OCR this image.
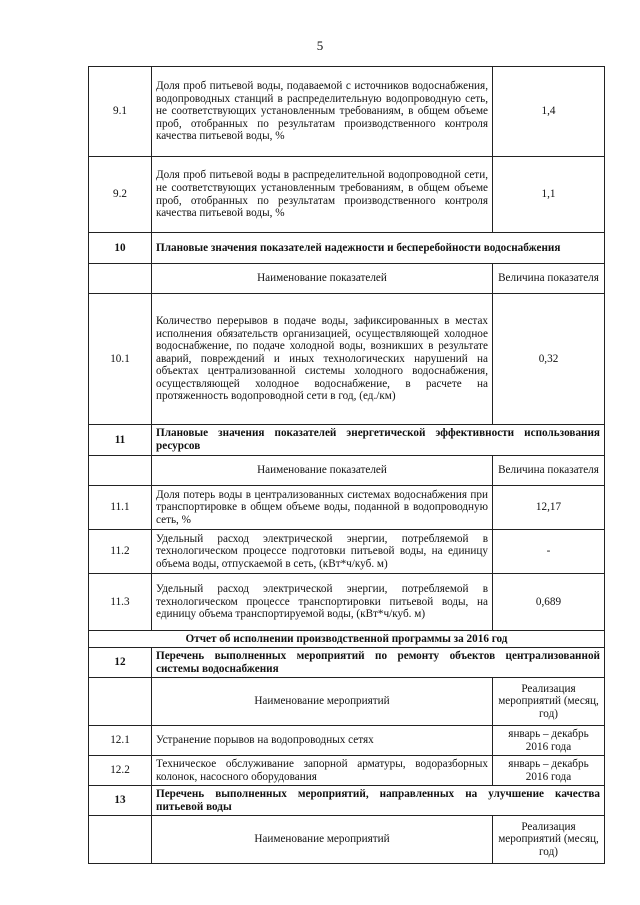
5
9.1	Доля проб питьевой воды, подаваемой с источников водоснабжения, водопроводных станций в распределительную водопроводную сеть, не соответствующих установленным требованиям, в общем объеме проб, отобранных по результатам производственного контроля качества питьевой воды, %	1,4
9.2	Доля проб питьевой воды в распределительной водопроводной сети, не соответствующих установленным требованиям, в общем объеме проб, отобранных по результатам производственного контроля качества питьевой воды, %	1,1
10	Плановые значения показателей надежности и бесперебойности водоснабжения	
	Наименование показателей	Величина показателя
10.1	Количество перерывов в подаче воды, зафиксированных в местах исполнения обязательств организацией, осуществляющей холодное водоснабжение, по подаче холодной воды, возникших в результате аварий, повреждений и иных технологических нарушений на объектах централизованной системы холодного водоснабжения, осуществляющей холодное водоснабжение, в расчете на протяженность водопроводной сети в год, (ед./км)	0,32
11	Плановые значения показателей энергетической эффективности использования ресурсов	
	Наименование показателей	Величина показателя
11.1	Доля потерь воды в централизованных системах водоснабжения при транспортировке в общем объеме воды, поданной в водопроводную сеть, %	12,17
11.2	Удельный расход электрической энергии, потребляемой в технологическом процессе подготовки питьевой воды, на единицу объема воды, отпускаемой в сеть, (кВт*ч/куб. м)	-
11.3	Удельный расход электрической энергии, потребляемой в технологическом процессе транспортировки питьевой воды, на единицу объема транспортируемой воды, (кВт*ч/куб. м)	0,689
Отчет об исполнении производственной программы за 2016 год		
12	Перечень выполненных мероприятий по ремонту объектов централизованной системы водоснабжения	
	Наименование мероприятий	Реализация мероприятий (месяц, год)
12.1	Устранение порывов на водопроводных сетях	январь – декабрь 2016 года
12.2	Техническое обслуживание запорной арматуры, водоразборных колонок, насосного оборудования	январь – декабрь 2016 года
13	Перечень выполненных мероприятий, направленных на улучшение качества питьевой воды	
	Наименование мероприятий	Реализация мероприятий (месяц, год)
